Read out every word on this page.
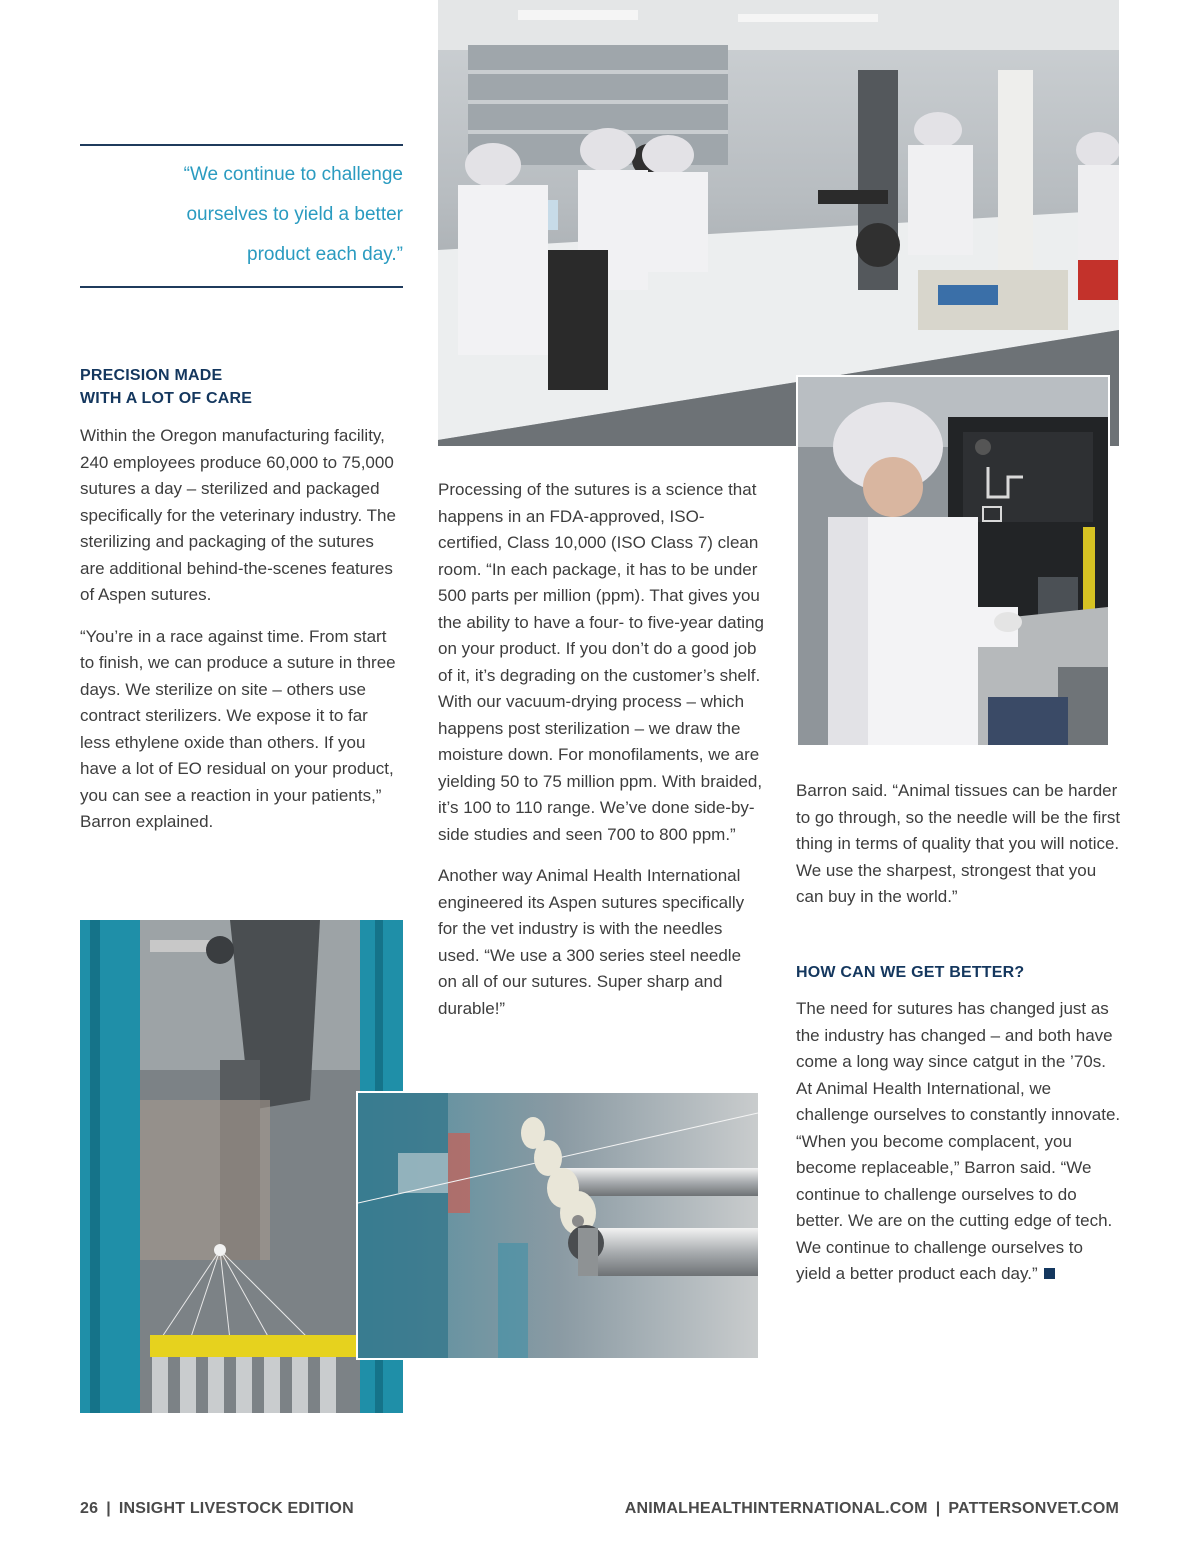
“We continue to challenge
ourselves to yield a better
product each day.”
PRECISION MADE
WITH A LOT OF CARE

Within the Oregon manufacturing facility, 240 employees produce 60,000 to 75,000 sutures a day – sterilized and packaged specifically for the veterinary industry. The sterilizing and packaging of the sutures are additional behind-the-scenes features of Aspen sutures.

“You’re in a race against time. From start to finish, we can produce a suture in three days. We sterilize on site – others use contract sterilizers. We expose it to far less ethylene oxide than others. If you have a lot of EO residual on your product, you can see a reaction in your patients,” Barron explained.

Processing of the sutures is a science that happens in an FDA-approved, ISO-certified, Class 10,000 (ISO Class 7) clean room. “In each package, it has to be under 500 parts per million (ppm). That gives you the ability to have a four- to five-year dating on your product. If you don’t do a good job of it, it’s degrading on the customer’s shelf. With our vacuum-drying process – which happens post sterilization – we draw the moisture down. For monofilaments, we are yielding 50 to 75 million ppm. With braided, it’s 100 to 110 range. We’ve done side-by-side studies and seen 700 to 800 ppm.”

Another way Animal Health International engineered its Aspen sutures specifically for the vet industry is with the needles used. “We use a 300 series steel needle on all of our sutures. Super sharp and durable!”

Barron said. “Animal tissues can be harder to go through, so the needle will be the first thing in terms of quality that you will notice. We use the sharpest, strongest that you can buy in the world.”

HOW CAN WE GET BETTER?

The need for sutures has changed just as the industry has changed – and both have come a long way since catgut in the ’70s. At Animal Health International, we challenge ourselves to constantly innovate. “When you become complacent, you become replaceable,” Barron said. “We continue to challenge ourselves to do better. We are on the cutting edge of tech. We continue to challenge ourselves to yield a better product each day.”

26 | INSIGHT LIVESTOCK EDITION	ANIMALHEALTHINTERNATIONAL.COM | PATTERSONVET.COM
